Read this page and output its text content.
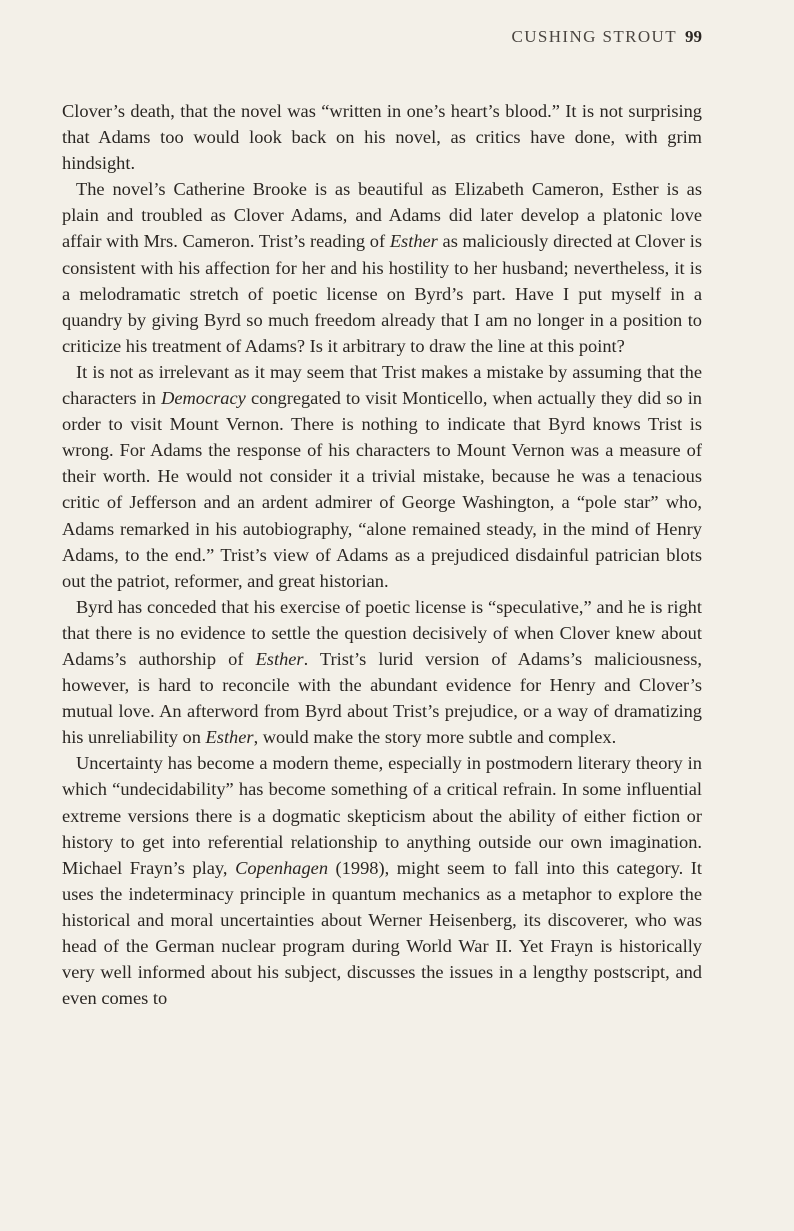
CUSHING STROUT 99

Clover’s death, that the novel was “written in one’s heart’s blood.” It is not surprising that Adams too would look back on his novel, as critics have done, with grim hindsight.

The novel’s Catherine Brooke is as beautiful as Elizabeth Cameron, Esther is as plain and troubled as Clover Adams, and Adams did later develop a platonic love affair with Mrs. Cameron. Trist’s reading of Esther as maliciously directed at Clover is consistent with his affection for her and his hostility to her husband; nevertheless, it is a melodramatic stretch of poetic license on Byrd’s part. Have I put myself in a quandry by giving Byrd so much freedom already that I am no longer in a position to criticize his treatment of Adams? Is it arbitrary to draw the line at this point?

It is not as irrelevant as it may seem that Trist makes a mistake by assuming that the characters in Democracy congregated to visit Monticello, when actually they did so in order to visit Mount Vernon. There is nothing to indicate that Byrd knows Trist is wrong. For Adams the response of his characters to Mount Vernon was a measure of their worth. He would not consider it a trivial mistake, because he was a tenacious critic of Jefferson and an ardent admirer of George Washington, a “pole star” who, Adams remarked in his autobiography, “alone remained steady, in the mind of Henry Adams, to the end.” Trist’s view of Adams as a prejudiced disdainful patrician blots out the patriot, reformer, and great historian.

Byrd has conceded that his exercise of poetic license is “speculative,” and he is right that there is no evidence to settle the question decisively of when Clover knew about Adams’s authorship of Esther. Trist’s lurid version of Adams’s maliciousness, however, is hard to reconcile with the abundant evidence for Henry and Clover’s mutual love. An afterword from Byrd about Trist’s prejudice, or a way of dramatizing his unreliability on Esther, would make the story more subtle and complex.

Uncertainty has become a modern theme, especially in postmodern literary theory in which “undecidability” has become something of a critical refrain. In some influential extreme versions there is a dogmatic skepticism about the ability of either fiction or history to get into referential relationship to anything outside our own imagination. Michael Frayn’s play, Copenhagen (1998), might seem to fall into this category. It uses the indeterminacy principle in quantum mechanics as a metaphor to explore the historical and moral uncertainties about Werner Heisenberg, its discoverer, who was head of the German nuclear program during World War II. Yet Frayn is historically very well informed about his subject, discusses the issues in a lengthy postscript, and even comes to
